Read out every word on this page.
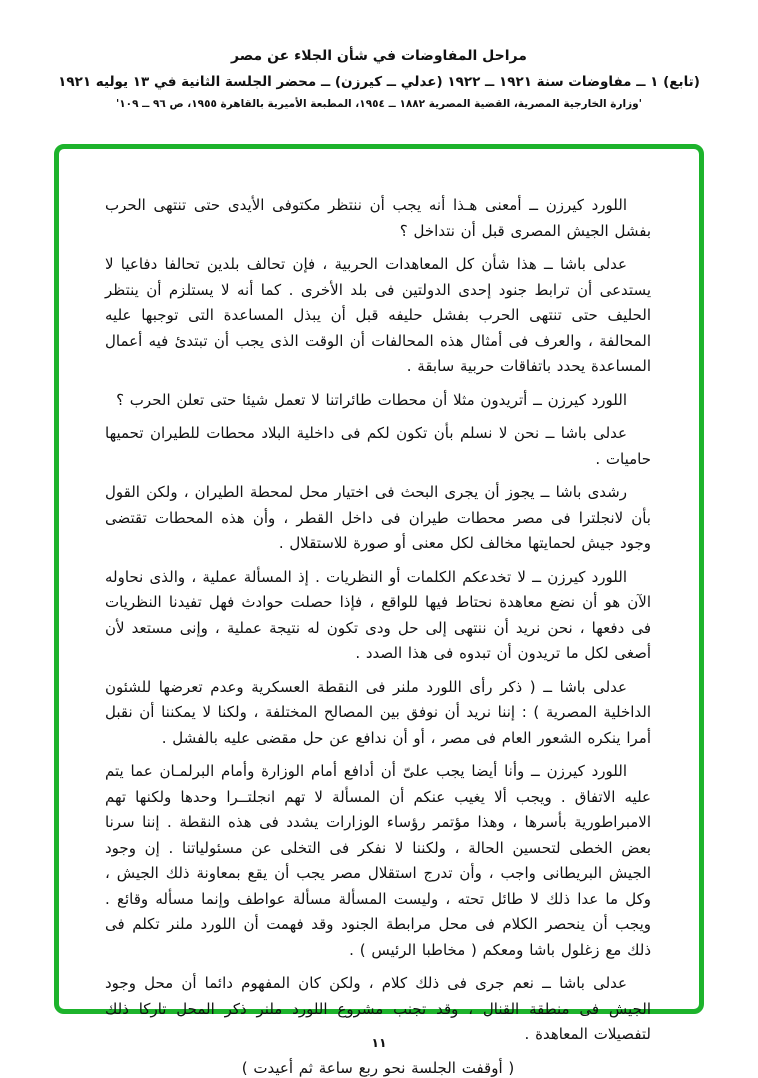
مراحل المفاوضات في شأن الجلاء عن مصر
(تابع) ١ ــ مفاوضات سنة ١٩٢١ ــ ١٩٢٢ (عدلي ــ كيرزن) ــ محضر الجلسة الثانية في ١٣ يوليه ١٩٢١
'وزارة الخارجية المصرية، القضية المصرية ١٨٨٢ ــ ١٩٥٤، المطبعة الأميرية بالقاهرة ١٩٥٥، ص ٩٦ ــ ١٠٩'

اللورد كيرزن ــ أمعنى هـذا أنه يجب أن ننتظر مكتوفى الأيدى حتى تنتهى الحرب بفشل الجيش المصرى قبل أن نتداخل ؟

عدلى باشا ــ هذا شأن كل المعاهدات الحربية ، فإن تحالف بلدين تحالفا دفاعيا لا يستدعى أن ترابط جنود إحدى الدولتين فى بلد الأخرى . كما أنه لا يستلزم أن ينتظر الحليف حتى تنتهى الحرب بفشل حليفه قبل أن يبذل المساعدة التى توجبها عليه المحالفة ، والعرف فى أمثال هذه المحالفات أن الوقت الذى يجب أن تبتدئ فيه أعمال المساعدة يحدد باتفاقات حربية سابقة .

اللورد كيرزن ــ أتريدون مثلا أن محطات طائراتنا لا تعمل شيئا حتى تعلن الحرب ؟

عدلى باشا ــ نحن لا نسلم بأن تكون لكم فى داخلية البلاد محطات للطيران تحميها حاميات .

رشدى باشا ــ يجوز أن يجرى البحث فى اختيار محل لمحطة الطيران ، ولكن القول بأن لانجلترا فى مصر محطات طيران فى داخل القطر ، وأن هذه المحطات تقتضى وجود جيش لحمايتها مخالف لكل معنى أو صورة للاستقلال .

اللورد كيرزن ــ لا تخدعكم الكلمات أو النظريات . إذ المسألة عملية ، والذى نحاوله الآن هو أن نضع معاهدة نحتاط فيها للواقع ، فإذا حصلت حوادث فهل تفيدنا النظريات فى دفعها ، نحن نريد أن ننتهى إلى حل ودى تكون له نتيجة عملية ، وإنى مستعد لأن أصغى لكل ما تريدون أن تبدوه فى هذا الصدد .

عدلى باشا ــ ( ذكر رأى اللورد ملنر فى النقطة العسكرية وعدم تعرضها للشئون الداخلية المصرية ) : إننا نريد أن نوفق بين المصالح المختلفة ، ولكنا لا يمكننا أن نقبل أمرا ينكره الشعور العام فى مصر ، أو أن ندافع عن حل مقضى عليه بالفشل .

اللورد كيرزن ــ وأنا أيضا يجب علىّ أن أدافع أمام الوزارة وأمام البرلمـان عما يتم عليه الاتفاق . ويجب ألا يغيب عنكم أن المسألة لا تهم انجلتــرا وحدها ولكنها تهم الامبراطورية بأسرها ، وهذا مؤتمر رؤساء الوزارات يشدد فى هذه النقطة . إننا سرنا بعض الخطى لتحسين الحالة ، ولكننا لا نفكر فى التخلى عن مسئولياتنا . إن وجود الجيش البريطانى واجب ، وأن تدرج استقلال مصر يجب أن يقع بمعاونة ذلك الجيش ، وكل ما عدا ذلك لا طائل تحته ، وليست المسألة مسألة عواطف وإنما مسأله وقائع . ويجب أن ينحصر الكلام فى محل مرابطة الجنود وقد فهمت أن اللورد ملنر تكلم فى ذلك مع زغلول باشا ومعكم ( مخاطبا الرئيس ) .

عدلى باشا ــ نعم جرى فى ذلك كلام ، ولكن كان المفهوم دائما أن محل وجود الجيش فى منطقة القنال ، وقد تجنب مشروع اللورد ملنر ذكر المحل تاركا ذلك لتفصيلات المعاهدة .

( أوقفت الجلسة نحو ربع ساعة ثم أعيدت )

١١
